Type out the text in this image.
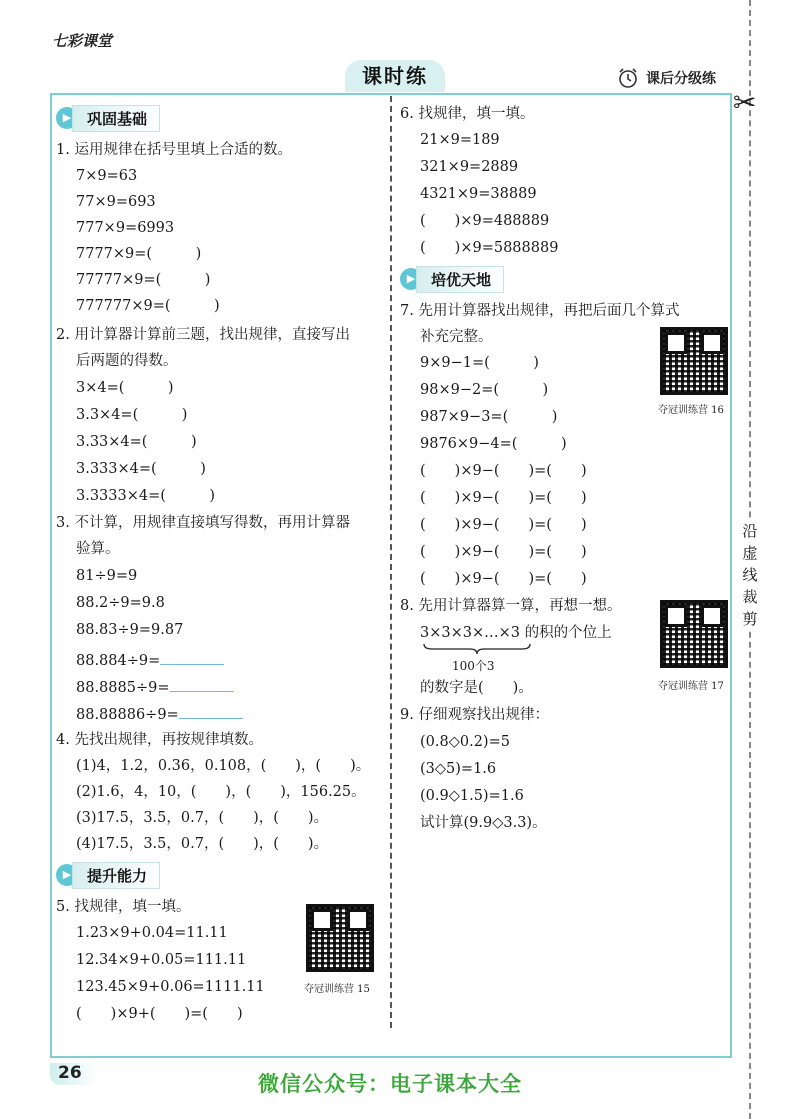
七彩课堂
课时练	课后分级练
✂
沿虚线裁剪
▶	巩固基础
1. 运用规律在括号里填上合适的数。
7×9=63
77×9=693
777×9=6993
7777×9=(　　　)
77777×9=(　　　)
777777×9=(　　　)
2. 用计算器计算前三题，找出规律，直接写出
后两题的得数。
3×4=(　　　)
3.3×4=(　　　)
3.33×4=(　　　)
3.333×4=(　　　)
3.3333×4=(　　　)
3. 不计算，用规律直接填写得数，再用计算器
验算。
81÷9=9
88.2÷9=9.8
88.83÷9=9.87
88.884÷9=
88.8885÷9=
88.88886÷9=
4. 先找出规律，再按规律填数。
(1)4，1.2，0.36，0.108，(　　)，(　　)。
(2)1.6，4，10，(　　)，(　　)，156.25。
(3)17.5，3.5，0.7，(　　)，(　　)。
(4)17.5，3.5，0.7，(　　)，(　　)。
▶	提升能力
5. 找规律，填一填。
1.23×9+0.04=11.11
12.34×9+0.05=111.11
123.45×9+0.06=1111.11
(　　)×9+(　　)=(　　)
夺冠训练营 15
6. 找规律，填一填。
21×9=189
321×9=2889
4321×9=38889
(　　)×9=488889
(　　)×9=5888889
▶	培优天地
7. 先用计算器找出规律，再把后面几个算式
补充完整。
9×9−1=(　　　)
98×9−2=(　　　)
987×9−3=(　　　)
9876×9−4=(　　　)
(　　)×9−(　　)=(　　)
(　　)×9−(　　)=(　　)
(　　)×9−(　　)=(　　)
(　　)×9−(　　)=(　　)
(　　)×9−(　　)=(　　)
夺冠训练营 16
8. 先用计算器算一算，再想一想。
3×3×3×…×3 的积的个位上
100个3
的数字是(　　)。	夺冠训练营 17
9. 仔细观察找出规律：
(0.8◇0.2)=5
(3◇5)=1.6
(0.9◇1.5)=1.6
试计算(9.9◇3.3)。
26	微信公众号：电子课本大全
